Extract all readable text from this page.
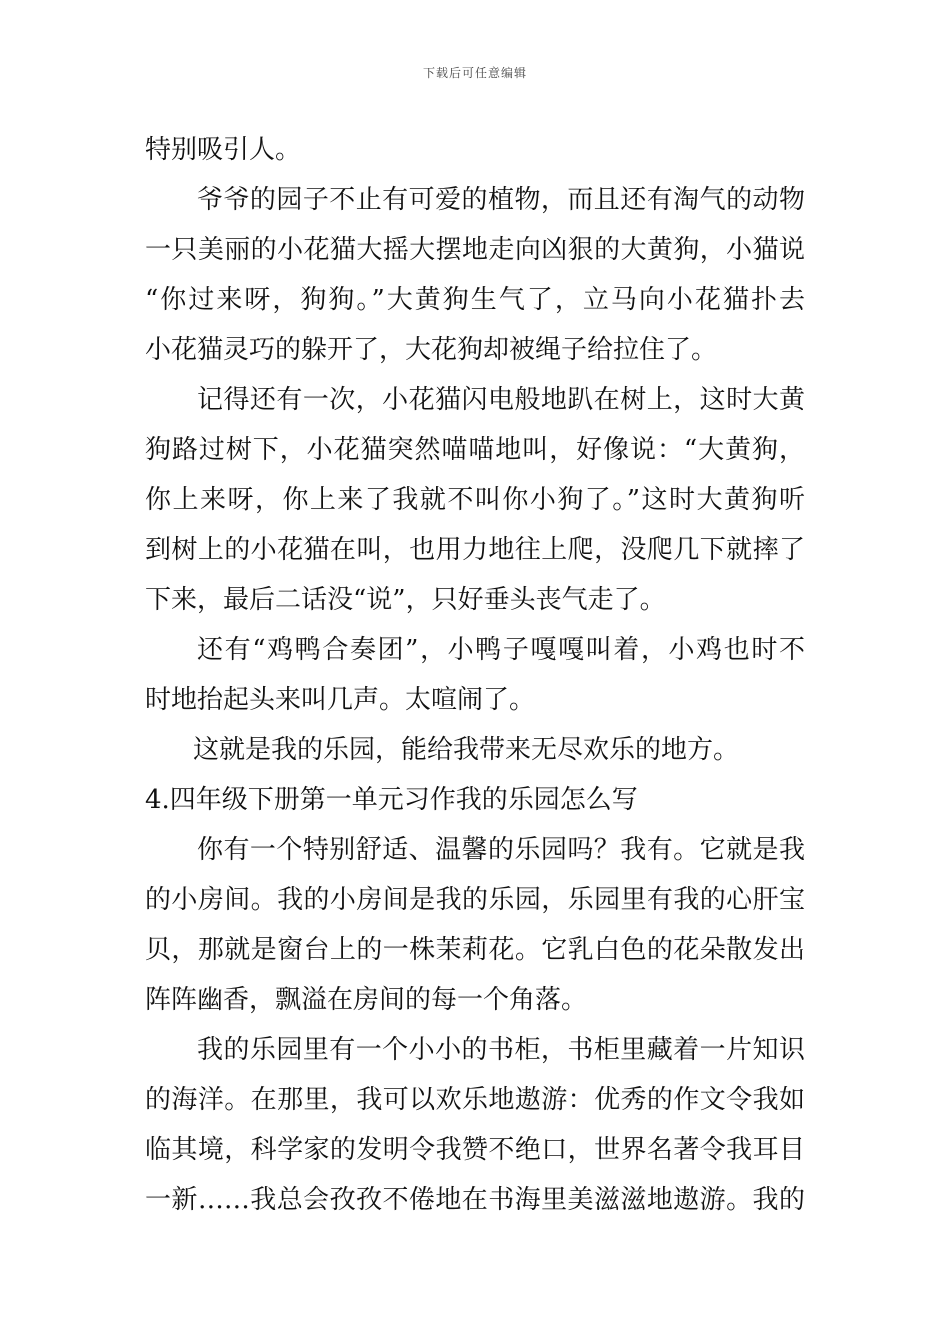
下载后可任意编辑
特别吸引人。
爷爷的园子不止有可爱的植物，而且还有淘气的动物
一只美丽的小花猫大摇大摆地走向凶狠的大黄狗，小猫说
“你过来呀，狗狗。”大黄狗生气了，立马向小花猫扑去
小花猫灵巧的躲开了，大花狗却被绳子给拉住了。
记得还有一次，小花猫闪电般地趴在树上，这时大黄
狗路过树下，小花猫突然喵喵地叫，好像说：“大黄狗，
你上来呀，你上来了我就不叫你小狗了。”这时大黄狗听
到树上的小花猫在叫，也用力地往上爬，没爬几下就摔了
下来，最后二话没“说”，只好垂头丧气走了。
还有“鸡鸭合奏团”，小鸭子嘎嘎叫着，小鸡也时不
时地抬起头来叫几声。太喧闹了。
这就是我的乐园，能给我带来无尽欢乐的地方。
4.四年级下册第一单元习作我的乐园怎么写
你有一个特别舒适、温馨的乐园吗？我有。它就是我
的小房间。我的小房间是我的乐园，乐园里有我的心肝宝
贝，那就是窗台上的一株茉莉花。它乳白色的花朵散发出
阵阵幽香，飘溢在房间的每一个角落。
我的乐园里有一个小小的书柜，书柜里藏着一片知识
的海洋。在那里，我可以欢乐地遨游：优秀的作文令我如
临其境，科学家的发明令我赞不绝口，世界名著令我耳目
一新……我总会孜孜不倦地在书海里美滋滋地遨游。我的
